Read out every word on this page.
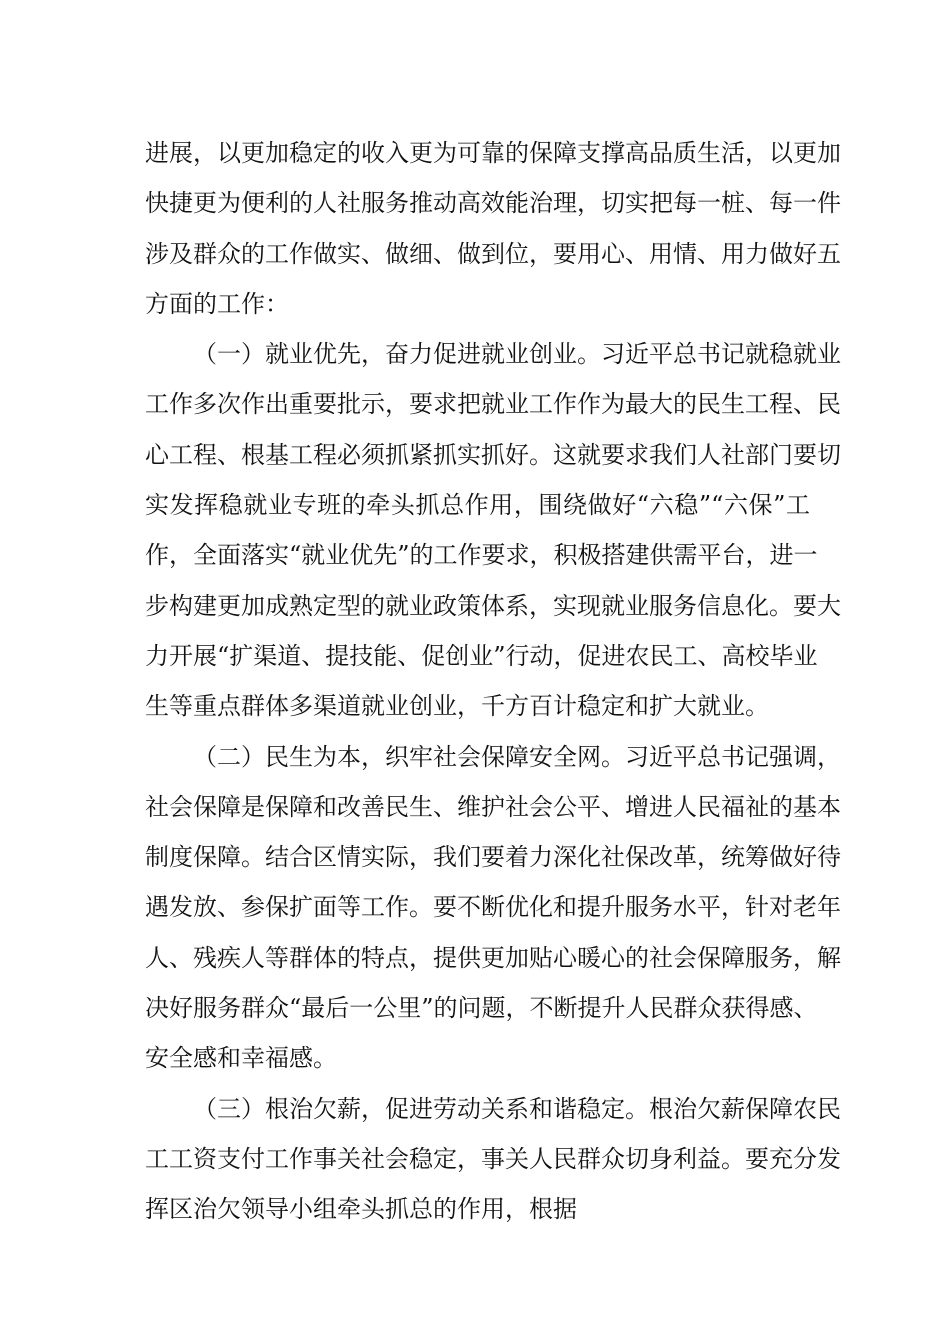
进展，以更加稳定的收入更为可靠的保障支撑高品质生活，以更加
快捷更为便利的人社服务推动高效能治理，切实把每一桩、每一件
涉及群众的工作做实、做细、做到位，要用心、用情、用力做好五
方面的工作：
（一）就业优先，奋力促进就业创业。习近平总书记就稳就业
工作多次作出重要批示，要求把就业工作作为最大的民生工程、民
心工程、根基工程必须抓紧抓实抓好。这就要求我们人社部门要切
实发挥稳就业专班的牵头抓总作用，围绕做好“六稳”“六保”工
作，全面落实“就业优先”的工作要求，积极搭建供需平台，进一
步构建更加成熟定型的就业政策体系，实现就业服务信息化。要大
力开展“扩渠道、提技能、促创业”行动，促进农民工、高校毕业
生等重点群体多渠道就业创业，千方百计稳定和扩大就业。
（二）民生为本，织牢社会保障安全网。习近平总书记强调，
社会保障是保障和改善民生、维护社会公平、增进人民福祉的基本
制度保障。结合区情实际，我们要着力深化社保改革，统筹做好待
遇发放、参保扩面等工作。要不断优化和提升服务水平，针对老年
人、残疾人等群体的特点，提供更加贴心暖心的社会保障服务，解
决好服务群众“最后一公里”的问题，不断提升人民群众获得感、
安全感和幸福感。
（三）根治欠薪，促进劳动关系和谐稳定。根治欠薪保障农民
工工资支付工作事关社会稳定，事关人民群众切身利益。要充分发
挥区治欠领导小组牵头抓总的作用，根据
